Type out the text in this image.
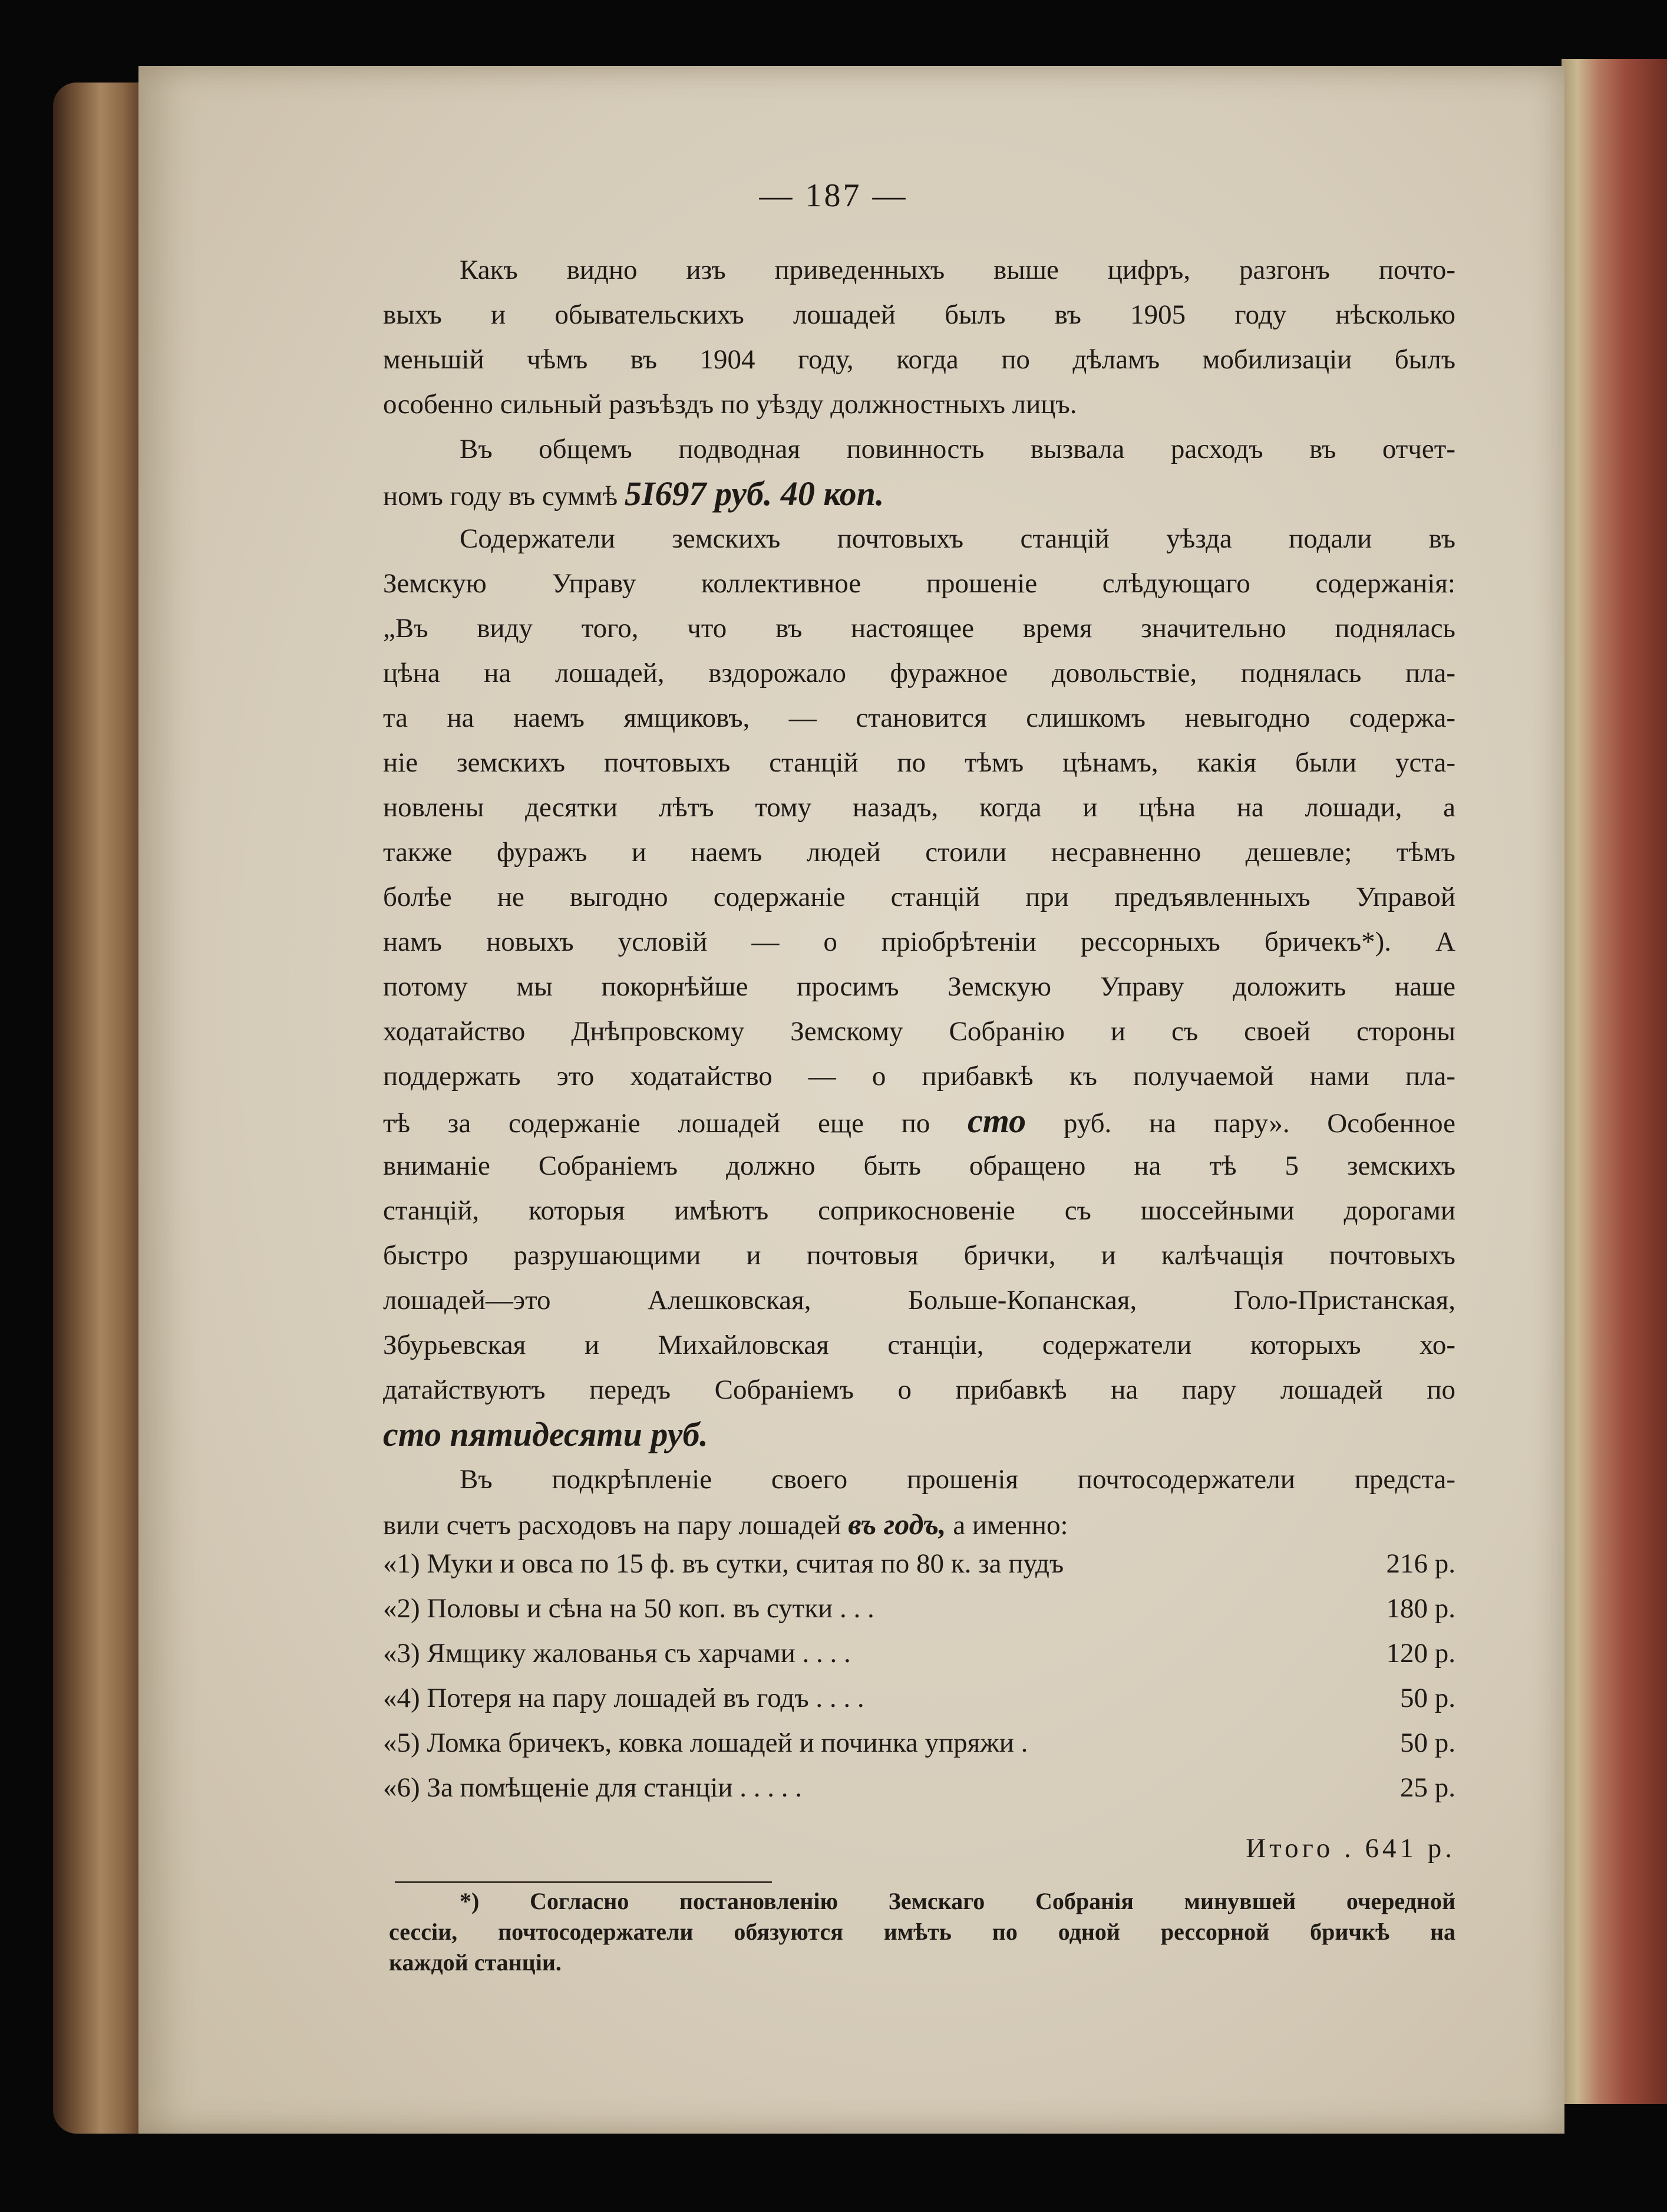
— 187 —
Какъ видно изъ приведенныхъ выше цифръ, разгонъ почто-
выхъ и обывательскихъ лошадей былъ въ 1905 году нѣсколько
меньшій чѣмъ въ 1904 году, когда по дѣламъ мобилизаціи былъ
особенно сильный разъѣздъ по уѣзду должностныхъ лицъ.
Въ общемъ подводная повинность вызвала расходъ въ отчет-
номъ году въ суммѣ 5I697 руб. 40 коп.
Содержатели земскихъ почтовыхъ станцій уѣзда подали въ
Земскую Управу коллективное прошеніе слѣдующаго содержанія:
„Въ виду того, что въ настоящее время значительно поднялась
цѣна на лошадей, вздорожало фуражное довольствіе, поднялась пла-
та на наемъ ямщиковъ, — становится слишкомъ невыгодно содержа-
ніе земскихъ почтовыхъ станцій по тѣмъ цѣнамъ, какія были уста-
новлены десятки лѣтъ тому назадъ, когда и цѣна на лошади, а
также фуражъ и наемъ людей стоили несравненно дешевле; тѣмъ
болѣе не выгодно содержаніе станцій при предъявленныхъ Управой
намъ новыхъ условій — о пріобрѣтеніи рессорныхъ бричекъ*). А
потому мы покорнѣйше просимъ Земскую Управу доложить наше
ходатайство Днѣпровскому Земскому Собранію и съ своей стороны
поддержать это ходатайство — о прибавкѣ къ получаемой нами пла-
тѣ за содержаніе лошадей еще по сто руб. на пару». Особенное
вниманіе Собраніемъ должно быть обращено на тѣ 5 земскихъ
станцій, которыя имѣютъ соприкосновеніе съ шоссейными дорогами
быстро разрушающими и почтовыя брички, и калѣчащія почтовыхъ
лошадей—это Алешковская, Больше-Копанская, Голо-Пристанская,
Збурьевская и Михайловская станціи, содержатели которыхъ хо-
датайствуютъ передъ Собраніемъ о прибавкѣ на пару лошадей по
сто пятидесяти руб.
Въ подкрѣпленіе своего прошенія почтосодержатели предста-
вили счетъ расходовъ на пару лошадей въ годъ, а именно:
«1) Муки и овса по 15 ф. въ сутки, считая по 80 к. за пудъ	216 р.
«2) Половы и сѣна на 50 коп. въ сутки . . .	180 р.
«3) Ямщику жалованья съ харчами . . . .	120 р.
«4) Потеря на пару лошадей въ годъ . . . .	50 р.
«5) Ломка бричекъ, ковка лошадей и починка упряжи .	50 р.
«6) За помѣщеніе для станціи . . . . .	25 р.
Итого . 641 р.
*) Согласно постановленію Земскаго Собранія минувшей очередной
сессіи, почтосодержатели обязуются имѣть по одной рессорной бричкѣ на
каждой станціи.
